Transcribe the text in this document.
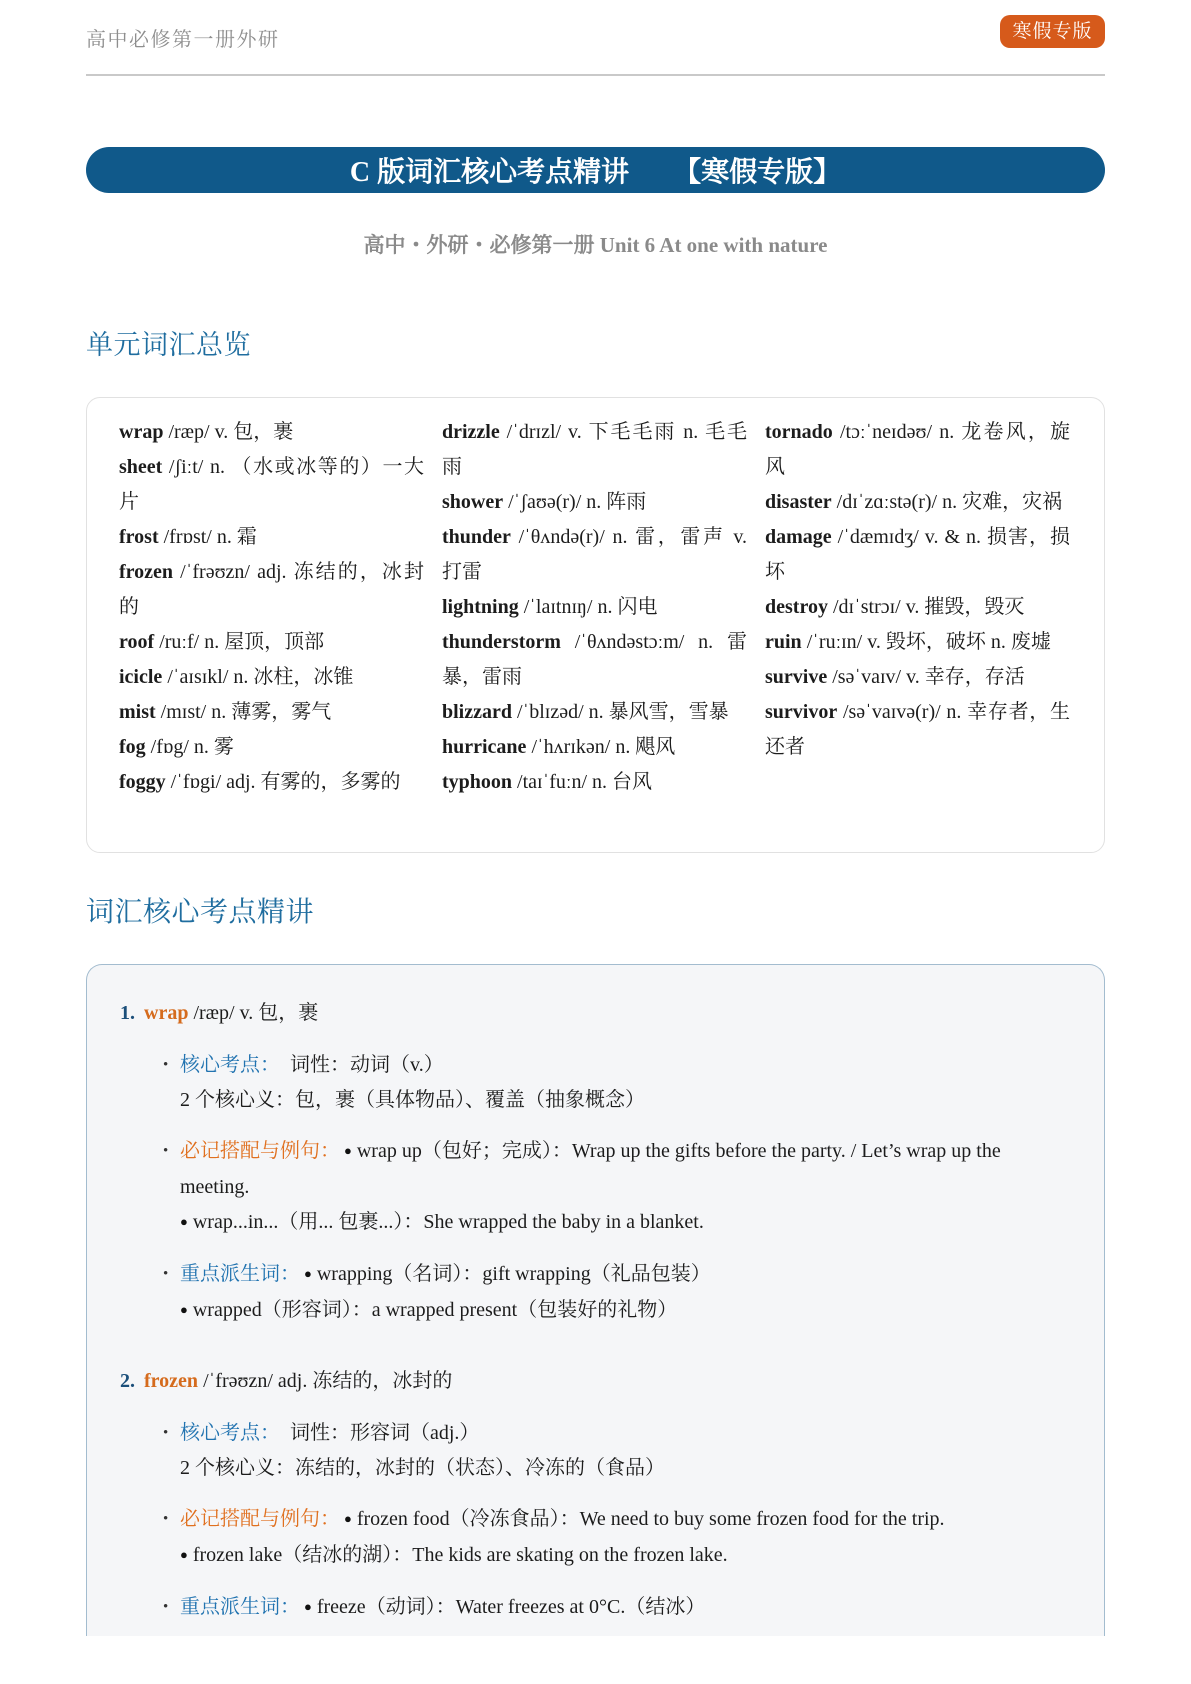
高中必修第一册外研	寒假专版
C 版词汇核心考点精讲 【寒假专版】
高中・外研・必修第一册 Unit 6 At one with nature
单元词汇总览
wrap /ræp/ v. 包，裹
sheet /ʃiːt/ n. （水或冰等的）一大片
frost /frɒst/ n. 霜
frozen /ˈfrəʊzn/ adj. 冻结的，冰封的
roof /ruːf/ n. 屋顶，顶部
icicle /ˈaɪsɪkl/ n. 冰柱，冰锥
mist /mɪst/ n. 薄雾，雾气
fog /fɒg/ n. 雾
foggy /ˈfɒgi/ adj. 有雾的，多雾的
drizzle /ˈdrɪzl/ v. 下毛毛雨 n. 毛毛雨
shower /ˈʃaʊə(r)/ n. 阵雨
thunder /ˈθʌndə(r)/ n. 雷，雷声 v. 打雷
lightning /ˈlaɪtnɪŋ/ n. 闪电
thunderstorm /ˈθʌndəstɔːm/ n. 雷暴，雷雨
blizzard /ˈblɪzəd/ n. 暴风雪，雪暴
hurricane /ˈhʌrɪkən/ n. 飓风
typhoon /taɪˈfuːn/ n. 台风
tornado /tɔːˈneɪdəʊ/ n. 龙卷风，旋风
disaster /dɪˈzɑːstə(r)/ n. 灾难，灾祸
damage /ˈdæmɪdʒ/ v. & n. 损害，损坏
destroy /dɪˈstrɔɪ/ v. 摧毁，毁灭
ruin /ˈruːɪn/ v. 毁坏，破坏 n. 废墟
survive /səˈvaɪv/ v. 幸存，存活
survivor /səˈvaɪvə(r)/ n. 幸存者，生还者
词汇核心考点精讲
1. wrap /ræp/ v. 包，裹
• 核心考点： 词性：动词（v.）
2 个核心义：包，裹（具体物品）、覆盖（抽象概念）
• 必记搭配与例句： ● wrap up（包好；完成）：Wrap up the gifts before the party. / Let’s wrap up the meeting.
● wrap...in...（用... 包裹...）：She wrapped the baby in a blanket.
• 重点派生词： ● wrapping（名词）：gift wrapping（礼品包装）
● wrapped（形容词）：a wrapped present（包装好的礼物）
2. frozen /ˈfrəʊzn/ adj. 冻结的，冰封的
• 核心考点： 词性：形容词（adj.）
2 个核心义：冻结的，冰封的（状态）、冷冻的（食品）
• 必记搭配与例句： ● frozen food（冷冻食品）：We need to buy some frozen food for the trip.
● frozen lake（结冰的湖）：The kids are skating on the frozen lake.
• 重点派生词： ● freeze（动词）：Water freezes at 0°C.（结冰）
